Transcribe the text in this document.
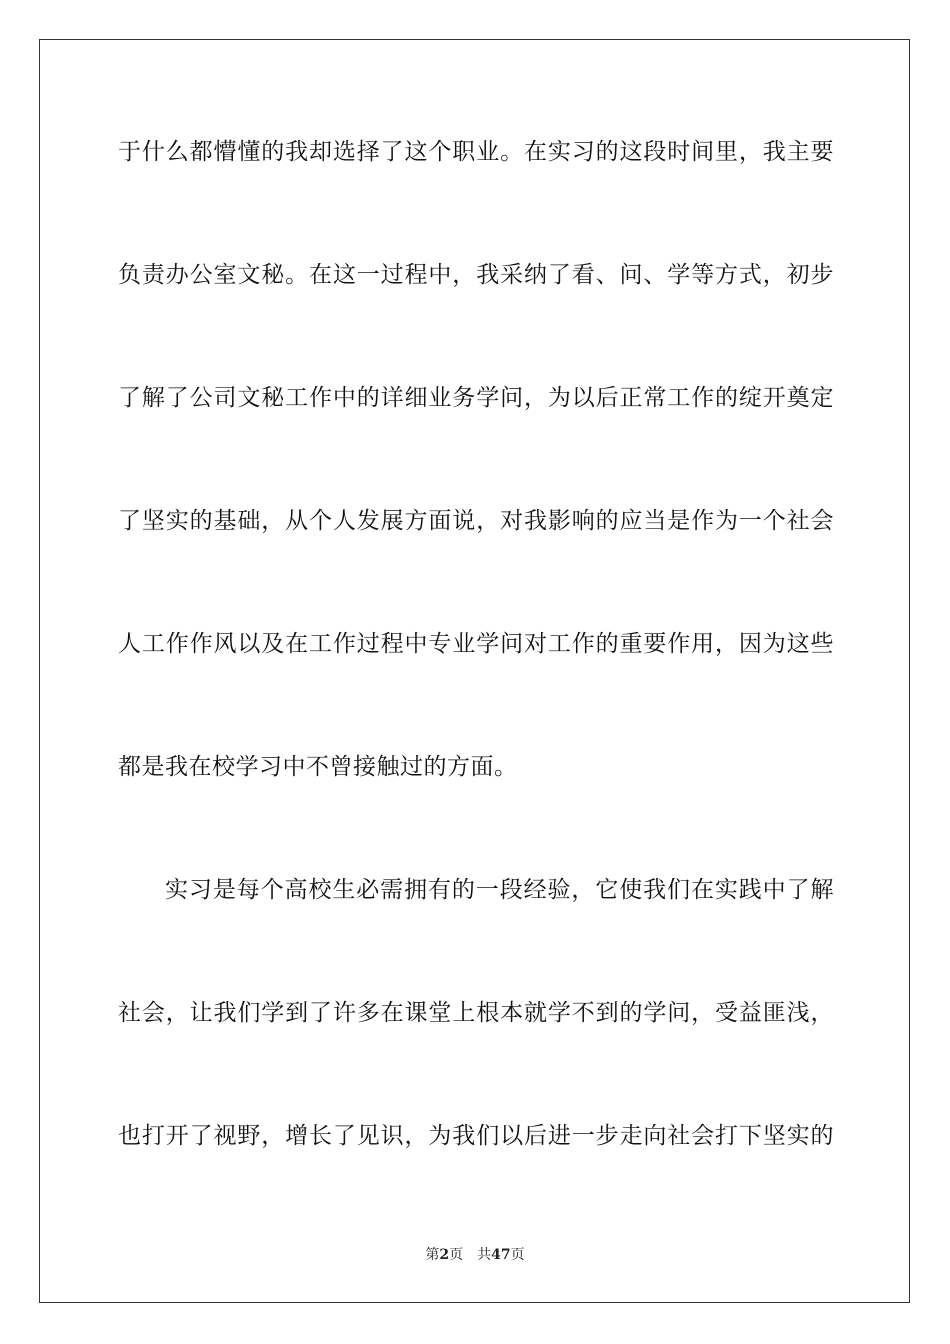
于什么都懵懂的我却选择了这个职业。在实习的这段时间里，我主要
负责办公室文秘。在这一过程中，我采纳了看、问、学等方式，初步
了解了公司文秘工作中的详细业务学问，为以后正常工作的绽开奠定
了坚实的基础，从个人发展方面说，对我影响的应当是作为一个社会
人工作作风以及在工作过程中专业学问对工作的重要作用，因为这些
都是我在校学习中不曾接触过的方面。
实习是每个高校生必需拥有的一段经验，它使我们在实践中了解
社会，让我们学到了许多在课堂上根本就学不到的学问，受益匪浅，
也打开了视野，增长了见识，为我们以后进一步走向社会打下坚实的
第2页 共47页
